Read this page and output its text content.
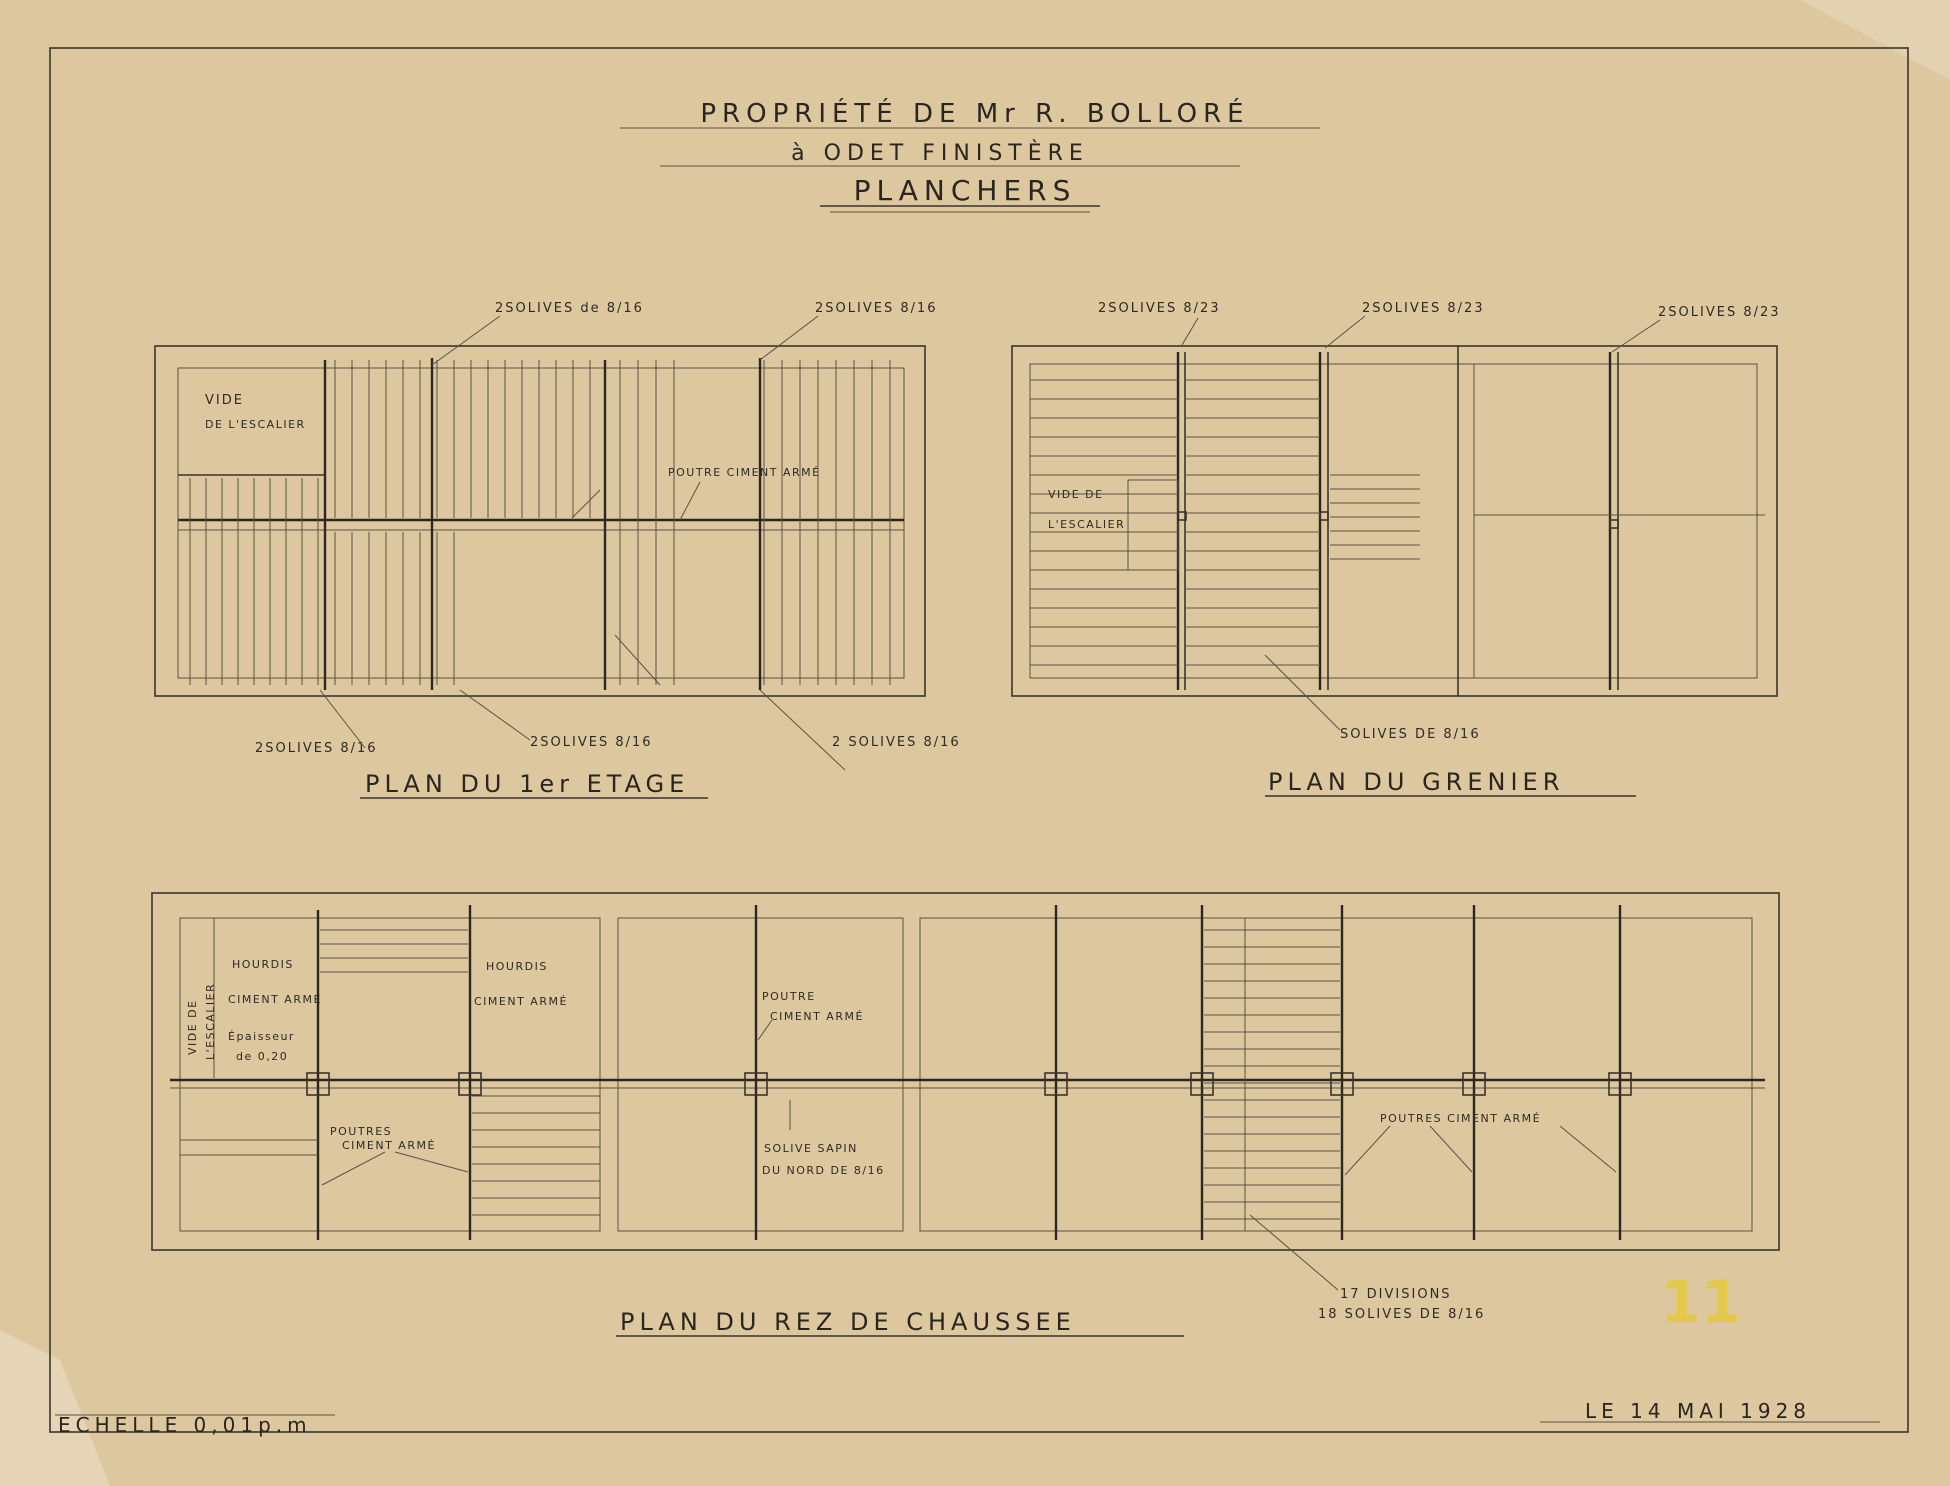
PROPRIÉTÉ DE Mr R. BOLLORÉ
à ODET FINISTÈRE
PLANCHERS
VIDE
DE L'ESCALIER
POUTRE CIMENT ARMÉ
2SOLIVES de 8/16	2SOLIVES 8/16
2SOLIVES 8/16	2SOLIVES 8/16	2 SOLIVES 8/16
PLAN DU 1er ETAGE
VIDE DE
L'ESCALIER
2SOLIVES 8/23	2SOLIVES 8/23	2SOLIVES 8/23
SOLIVES DE 8/16
PLAN DU GRENIER
VIDE DE L'ESCALIER
HOURDIS
CIMENT ARMÉ
Épaisseur
de 0,20
HOURDIS
CIMENT ARMÉ
POUTRES
CIMENT ARMÉ
POUTRE
CIMENT ARMÉ
SOLIVE SAPIN
DU NORD DE 8/16
POUTRES CIMENT ARMÉ
17 DIVISIONS
18 SOLIVES DE 8/16
PLAN DU REZ DE CHAUSSEE
ECHELLE 0,01p.m
LE 14 MAI 1928
11
